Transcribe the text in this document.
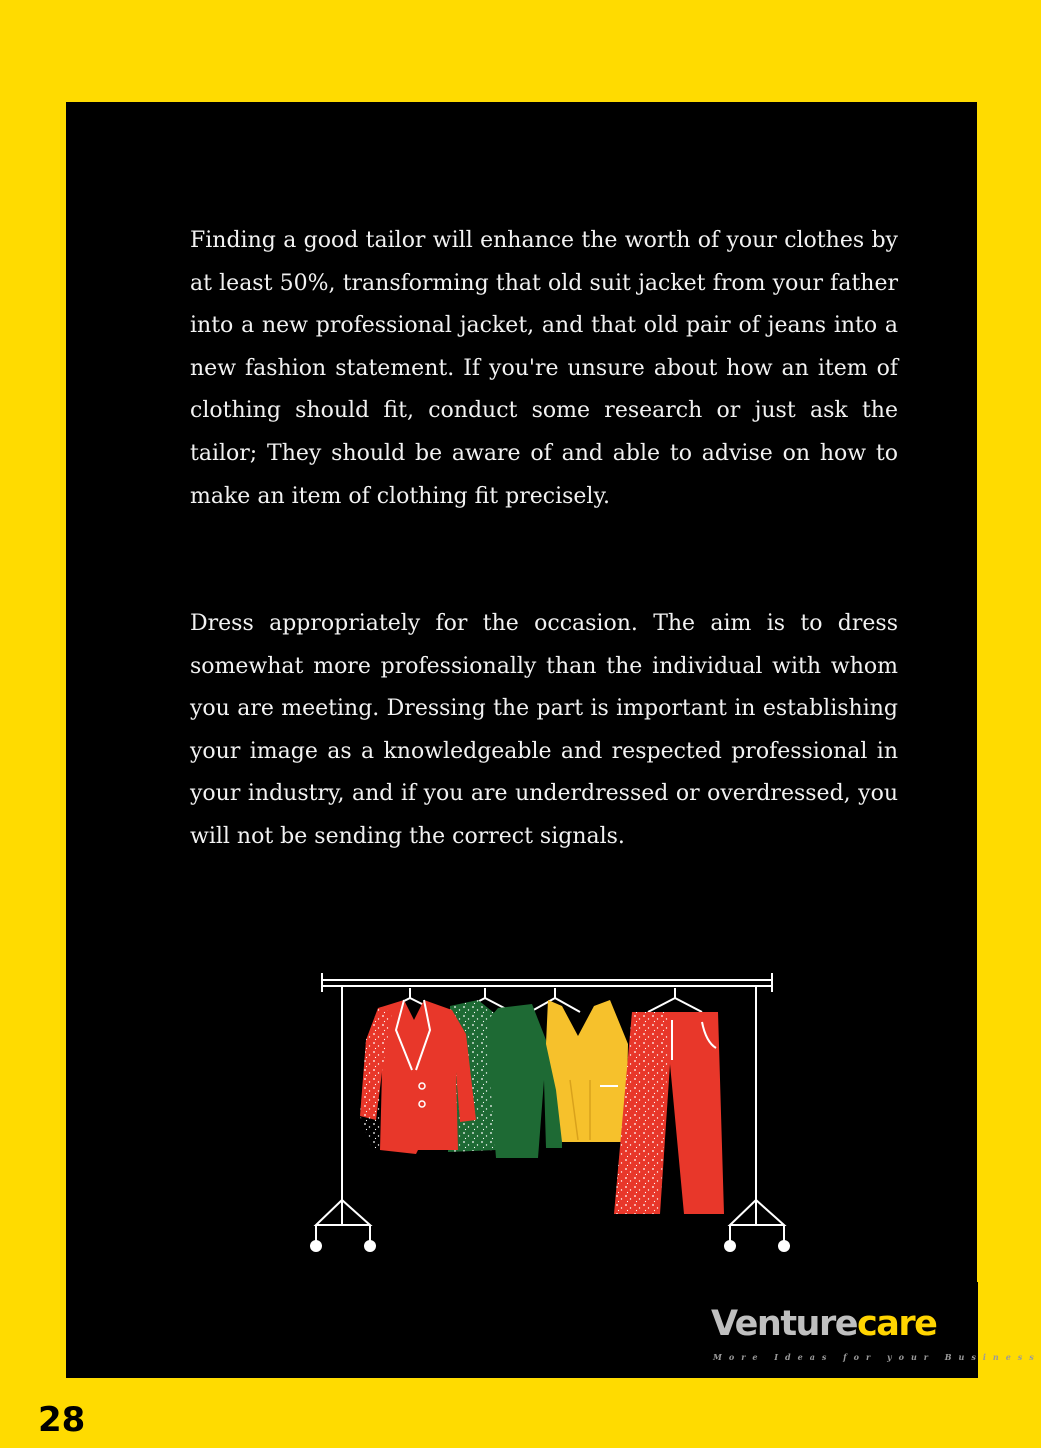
Finding a good tailor will enhance the worth of your clothes by at least 50%, transforming that old suit jacket from your father into a new professional jacket, and that old pair of jeans into a new fashion statement. If you're unsure about how an item of clothing should fit, conduct some research or just ask the tailor; They should be aware of and able to advise on how to make an item of clothing fit precisely.

Dress appropriately for the occasion. The aim is to dress somewhat more professionally than the individual with whom you are meeting. Dressing the part is important in establishing your image as a knowledgeable and respected professional in your industry, and if you are underdressed or overdressed, you will not be sending the correct signals.

Venturecare
More Ideas for your Business
28
